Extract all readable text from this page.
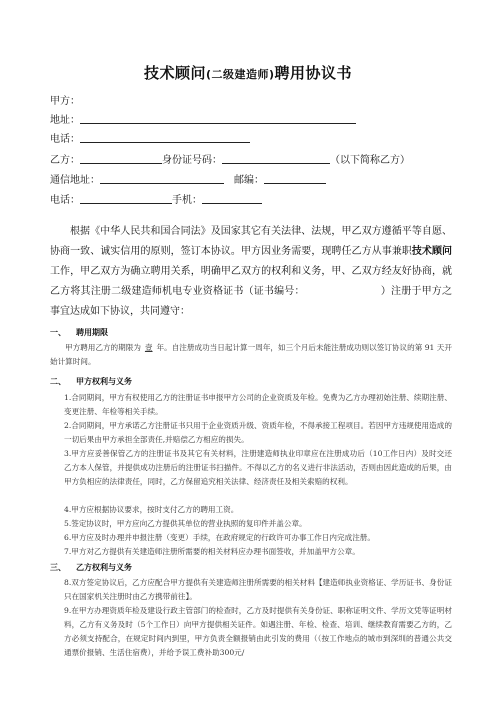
技术顾问(二级建造师)聘用协议书
甲方：
地址：
电话：
乙方：	身份证号码：	（以下简称乙方）
通信地址：	邮编：
电话：	手机：
根据《中华人民共和国合同法》及国家其它有关法律、法规，甲乙双方遵循平等自愿、协商一致、诚实信用的原则，签订本协议。甲方因业务需要，现聘任乙方从事兼职技术顾问工作，甲乙双方为确立聘用关系，明确甲乙双方的权利和义务，甲、乙双方经友好协商，就乙方将其注册二级建造师机电专业资格证书（证书编号：	）注册于甲方之事宜达成如下协议，共同遵守：
一、 聘用期限
甲方聘用乙方的期限为 壹 年。自注册成功当日起计算一周年，如三个月后未能注册成功则以签订协议的第 91 天开始计算时间。
二、 甲方权利与义务
1.合同期间，甲方有权使用乙方的注册证书申报甲方公司的企业资质及年检。免费为乙方办理初始注册、续期注册、变更注册、年检等相关手续。
2.合同期间，甲方承诺乙方注册证书只用于企业资质升级、资质年检，不得承接工程项目。若因甲方违规使用造成的一切后果由甲方承担全部责任,并赔偿乙方相应的损失。
3.甲方应妥善保管乙方的注册证书及其它有关材料，注册建造师执业印章应在注册成功后（10工作日内）及时交还乙方本人保管，并提供成功注册后的注册证书扫描件。不得以乙方的名义进行非法活动，否则由因此造成的后果，由甲方负相应的法律责任，同时，乙方保留追究相关法律、经济责任及相关索赔的权利。
4.甲方应根据协议要求，按时支付乙方的聘用工资。
5.签定协议时，甲方应向乙方提供其单位的营业执照的复印件并盖公章。
6.甲方应及时办理并申报注册（变更）手续，在政府规定的行政许可办事工作日内完成注册。
7.甲方对乙方提供有关建造师注册所需要的相关材料应办理书面签收，并加盖甲方公章。
三、 乙方权利与义务
8.双方签定协议后，乙方应配合甲方提供有关建造师注册所需要的相关材料【建造师执业资格证、学历证书、身份证只在国家机关注册时由乙方携带前往】。
9.在甲方办理资质年检及建设行政主管部门的检查时，乙方及时提供有关身份证、职称证明文件、学历文凭等证明材料，乙方有义务及时（5个工作日）向甲方提供相关证件。如遇注册、年检、检查、培训、继续教育需要乙方的，乙方必须支持配合，在规定时间内到里，甲方负责全额报销由此引发的费用（（按工作地点的城市到深圳的普通公共交通票价报销、生活住宿费），并给予误工费补助300元/
